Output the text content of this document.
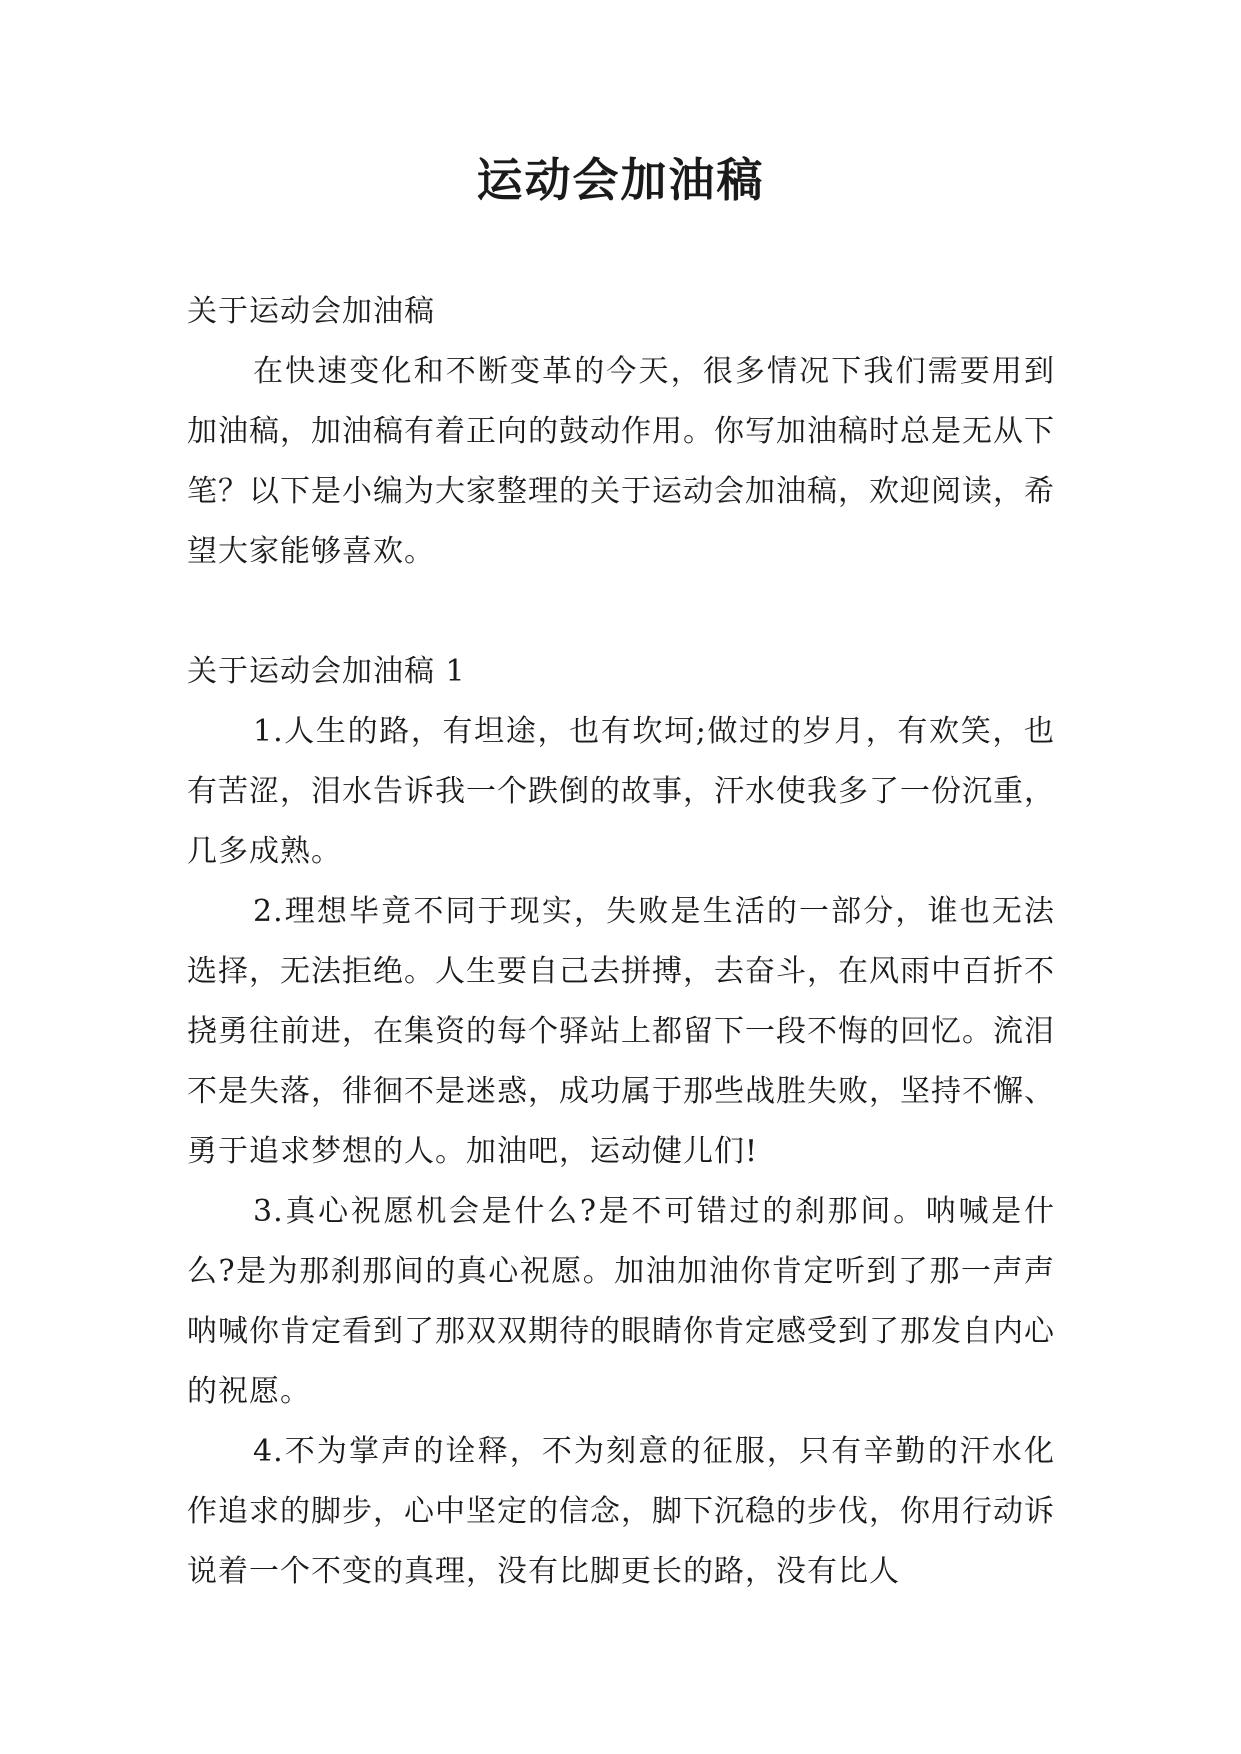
运动会加油稿

关于运动会加油稿

在快速变化和不断变革的今天，很多情况下我们需要用到加油稿，加油稿有着正向的鼓动作用。你写加油稿时总是无从下笔？以下是小编为大家整理的关于运动会加油稿，欢迎阅读，希望大家能够喜欢。

关于运动会加油稿 1

1.人生的路，有坦途，也有坎坷;做过的岁月，有欢笑，也有苦涩，泪水告诉我一个跌倒的故事，汗水使我多了一份沉重，几多成熟。

2.理想毕竟不同于现实，失败是生活的一部分，谁也无法选择，无法拒绝。人生要自己去拼搏，去奋斗，在风雨中百折不挠勇往前进，在集资的每个驿站上都留下一段不悔的回忆。流泪不是失落，徘徊不是迷惑，成功属于那些战胜失败，坚持不懈、勇于追求梦想的人。加油吧，运动健儿们!

3.真心祝愿机会是什么?是不可错过的刹那间。呐喊是什么?是为那刹那间的真心祝愿。加油加油你肯定听到了那一声声呐喊你肯定看到了那双双期待的眼睛你肯定感受到了那发自内心的祝愿。

4.不为掌声的诠释，不为刻意的征服，只有辛勤的汗水化作追求的脚步，心中坚定的信念，脚下沉稳的步伐，你用行动诉说着一个不变的真理，没有比脚更长的路，没有比人
